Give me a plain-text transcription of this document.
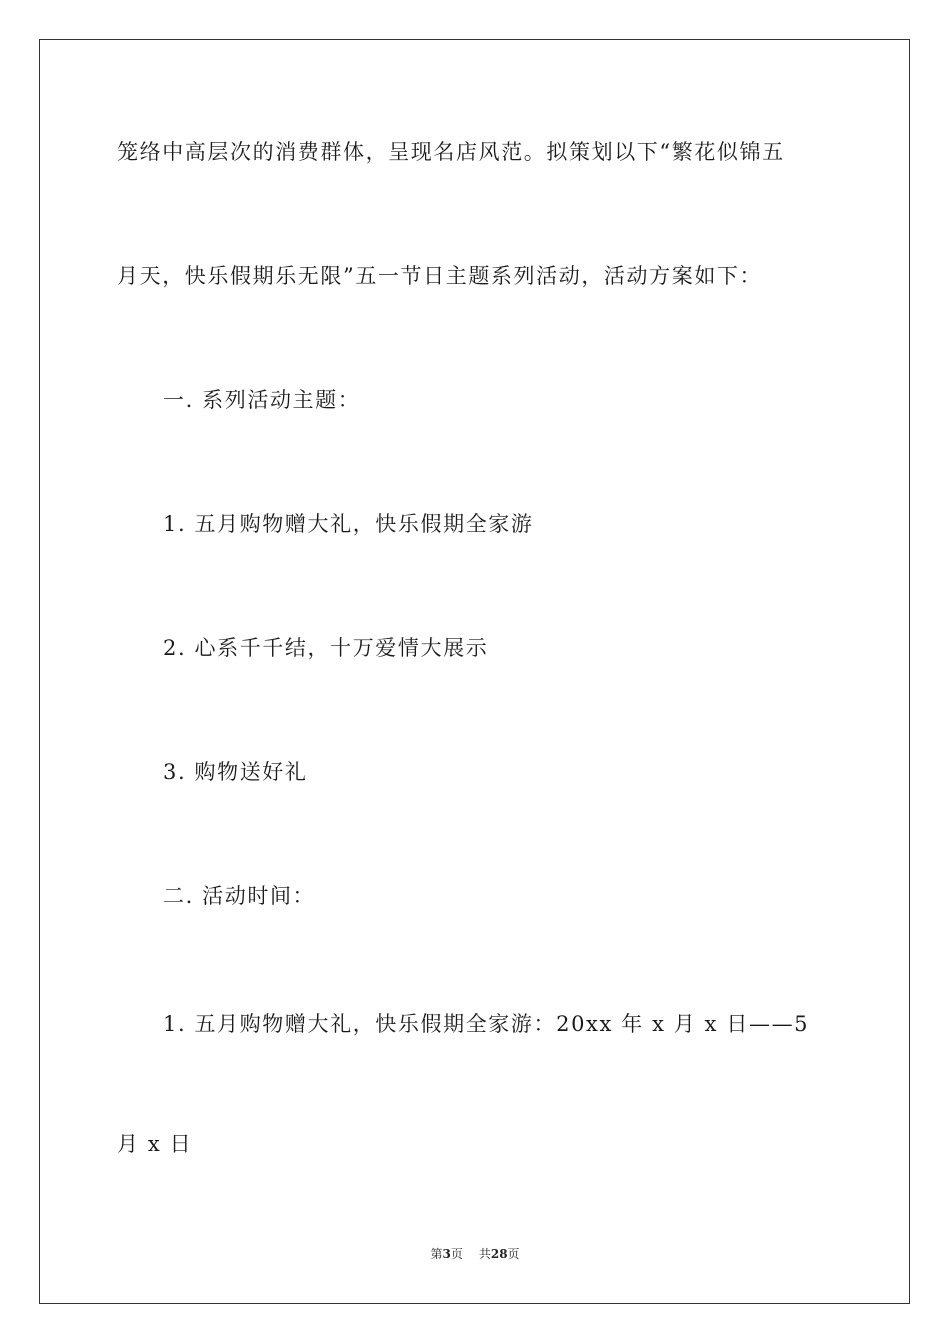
笼络中高层次的消费群体，呈现名店风范。拟策划以下“繁花似锦五
月天，快乐假期乐无限”五一节日主题系列活动，活动方案如下：
一. 系列活动主题：
1. 五月购物赠大礼，快乐假期全家游
2. 心系千千结，十万爱情大展示
3. 购物送好礼
二. 活动时间：
1. 五月购物赠大礼，快乐假期全家游：20xx 年 x 月 x 日——5
月 x 日
第3页 共28页
